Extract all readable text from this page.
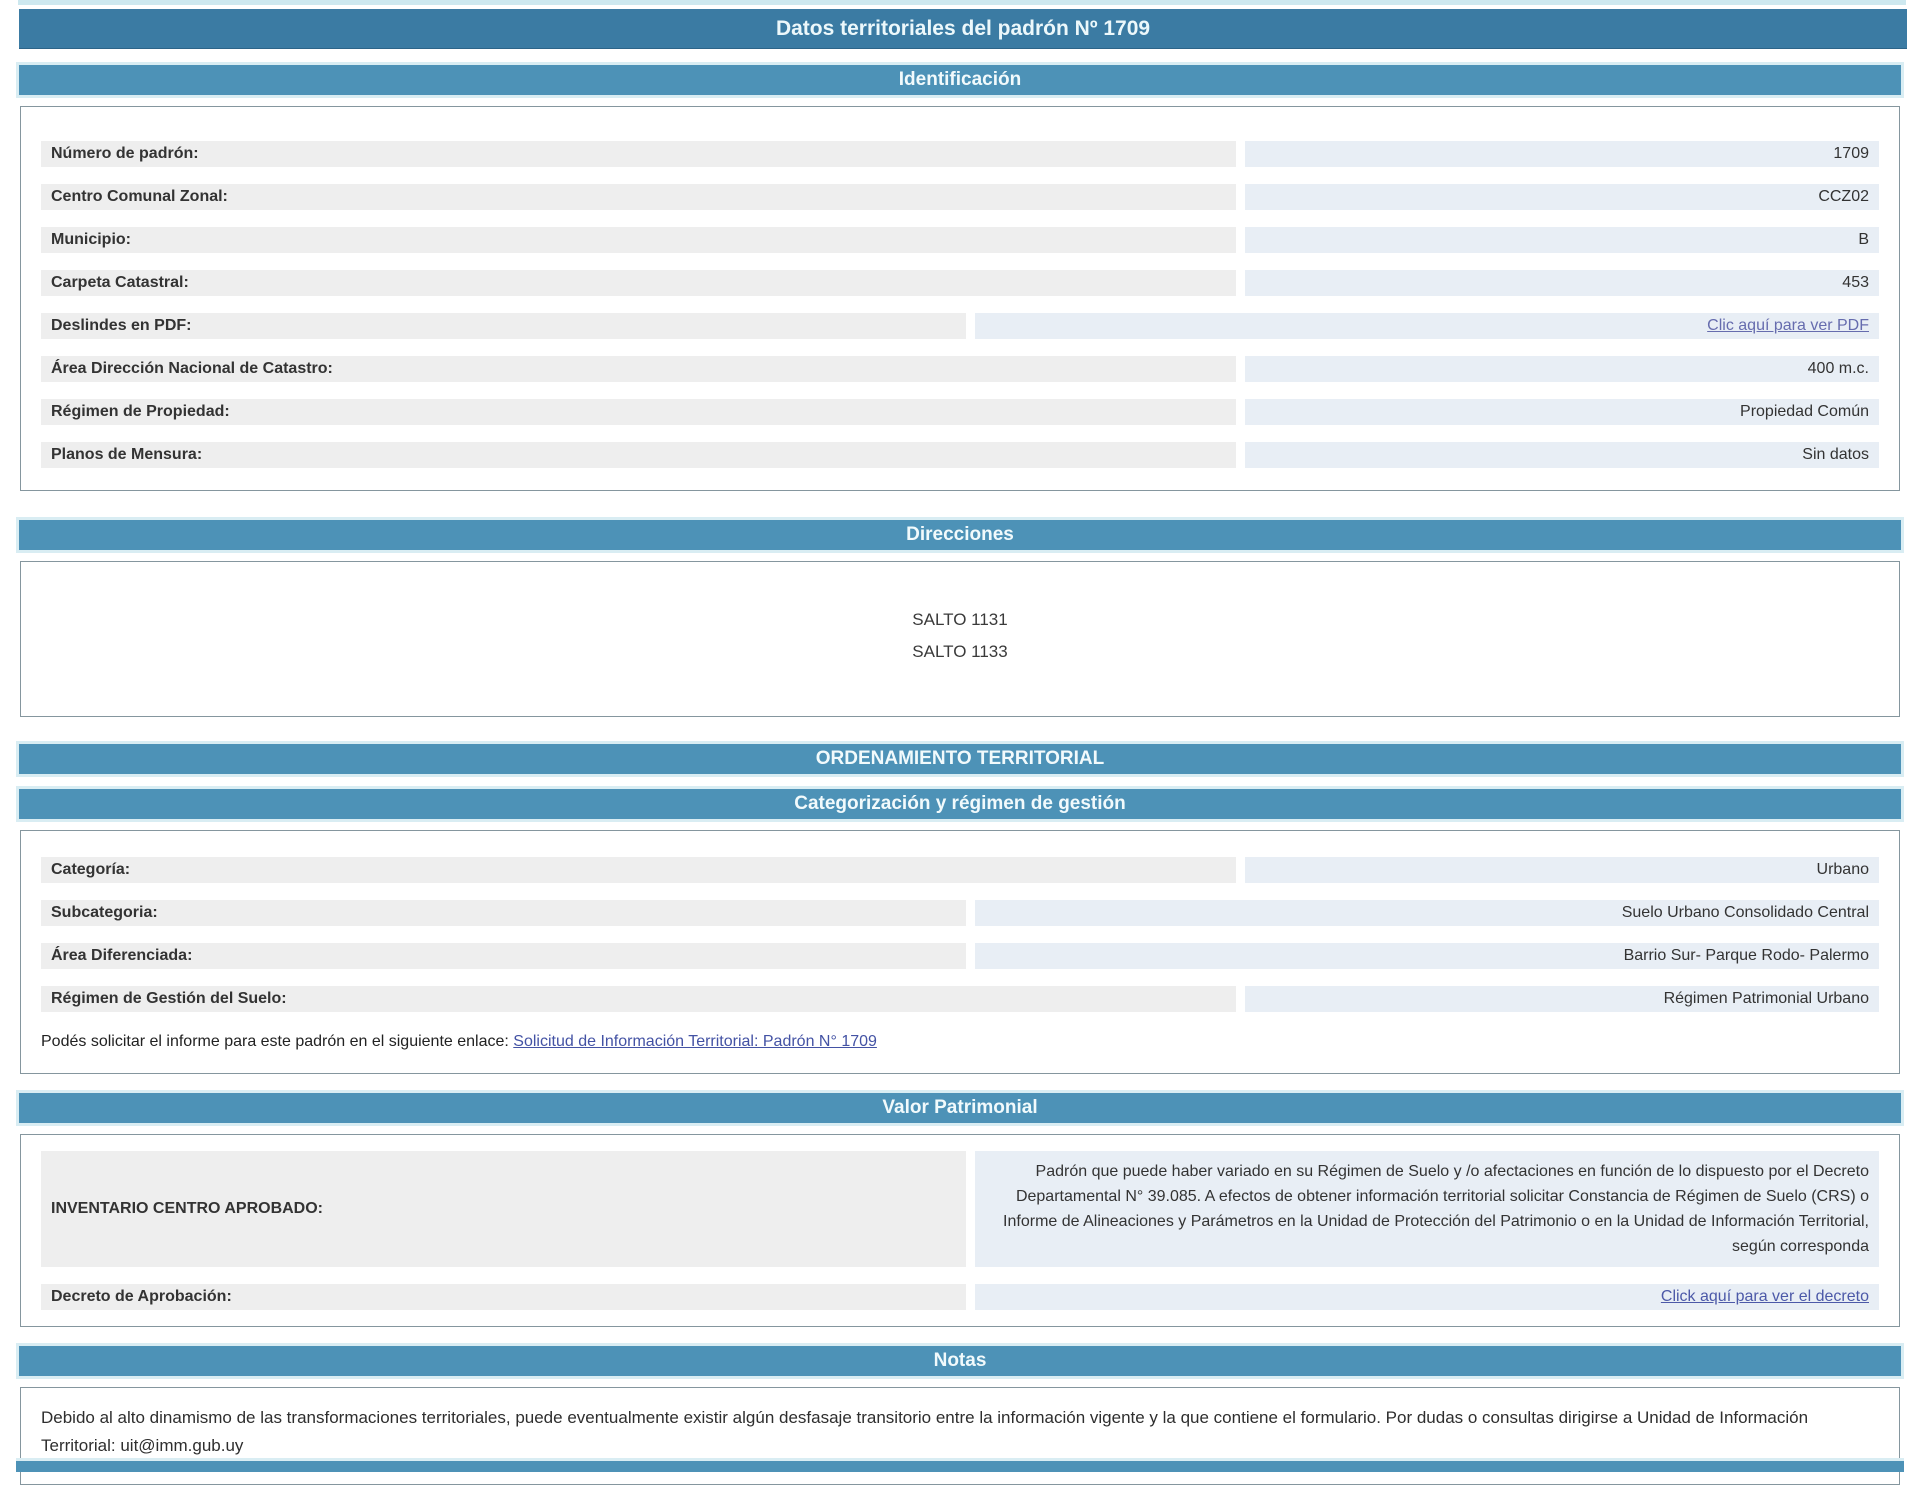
Datos territoriales del padrón Nº 1709
Identificación
Número de padrón:	1709
Centro Comunal Zonal:	CCZ02
Municipio:	B
Carpeta Catastral:	453
Deslindes en PDF:	Clic aquí para ver PDF
Área Dirección Nacional de Catastro:	400 m.c.
Régimen de Propiedad:	Propiedad Común
Planos de Mensura:	Sin datos
Direcciones
SALTO 1131
SALTO 1133
ORDENAMIENTO TERRITORIAL
Categorización y régimen de gestión
Categoría:	Urbano
Subcategoria:	Suelo Urbano Consolidado Central
Área Diferenciada:	Barrio Sur- Parque Rodo- Palermo
Régimen de Gestión del Suelo:	Régimen Patrimonial Urbano
Podés solicitar el informe para este padrón en el siguiente enlace: Solicitud de Información Territorial: Padrón N° 1709
Valor Patrimonial
INVENTARIO CENTRO APROBADO:
Padrón que puede haber variado en su Régimen de Suelo y /o afectaciones en función de lo dispuesto por el Decreto Departamental N° 39.085. A efectos de obtener información territorial solicitar Constancia de Régimen de Suelo (CRS) o Informe de Alineaciones y Parámetros en la Unidad de Protección del Patrimonio o en la Unidad de Información Territorial, según corresponda
Decreto de Aprobación:	Click aquí para ver el decreto
Notas
Debido al alto dinamismo de las transformaciones territoriales, puede eventualmente existir algún desfasaje transitorio entre la información vigente y la que contiene el formulario. Por dudas o consultas dirigirse a Unidad de Información Territorial: uit@imm.gub.uy
